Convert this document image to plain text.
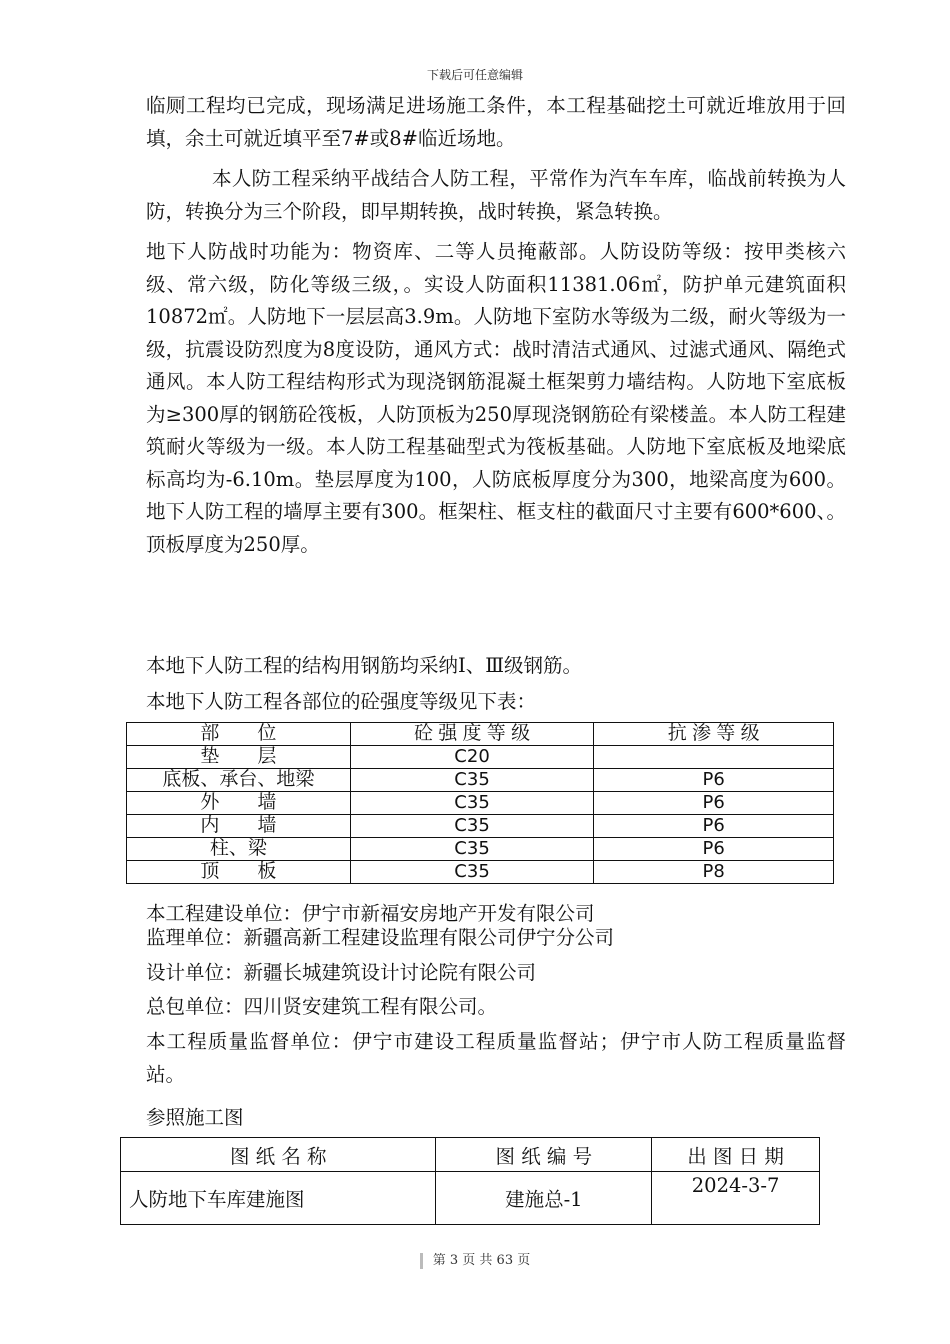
下载后可任意编辑

临厕工程均已完成，现场满足进场施工条件，本工程基础挖土可就近堆放用于回填，余土可就近填平至7#或8#临近场地。

本人防工程采纳平战结合人防工程，平常作为汽车车库，临战前转换为人防，转换分为三个阶段，即早期转换，战时转换，紧急转换。

地下人防战时功能为：物资库、二等人员掩蔽部。人防设防等级：按甲类核六级、常六级，防化等级三级，。实设人防面积11381.06㎡，防护单元建筑面积10872㎡。人防地下一层层高3.9m。人防地下室防水等级为二级，耐火等级为一级，抗震设防烈度为8度设防，通风方式：战时清洁式通风、过滤式通风、隔绝式通风。本人防工程结构形式为现浇钢筋混凝土框架剪力墙结构。人防地下室底板为≥300厚的钢筋砼筏板，人防顶板为250厚现浇钢筋砼有梁楼盖。本人防工程建筑耐火等级为一级。本人防工程基础型式为筏板基础。人防地下室底板及地梁底标高均为-6.10m。垫层厚度为100，人防底板厚度分为300，地梁高度为600。地下人防工程的墙厚主要有300。框架柱、框支柱的截面尺寸主要有600*600、。顶板厚度为250厚。

本地下人防工程的结构用钢筋均采纳Ⅰ、Ⅲ级钢筋。
本地下人防工程各部位的砼强度等级见下表：
部　　位	砼 强 度 等 级	抗 渗 等 级
垫　　层	C20	
底板、承台、地梁	C35	P6
外　　墙	C35	P6
内　　墙	C35	P6
柱、梁	C35	P6
顶　　板	C35	P8
本工程建设单位：伊宁市新福安房地产开发有限公司
监理单位：新疆高新工程建设监理有限公司伊宁分公司
设计单位：新疆长城建筑设计讨论院有限公司
总包单位：四川贤安建筑工程有限公司。

本工程质量监督单位：伊宁市建设工程质量监督站；伊宁市人防工程质量监督站。

参照施工图
图 纸 名 称	图 纸 编 号	出 图 日 期
人防地下车库建施图	建施总-1	2024-3-7
第 3 页 共 63 页
